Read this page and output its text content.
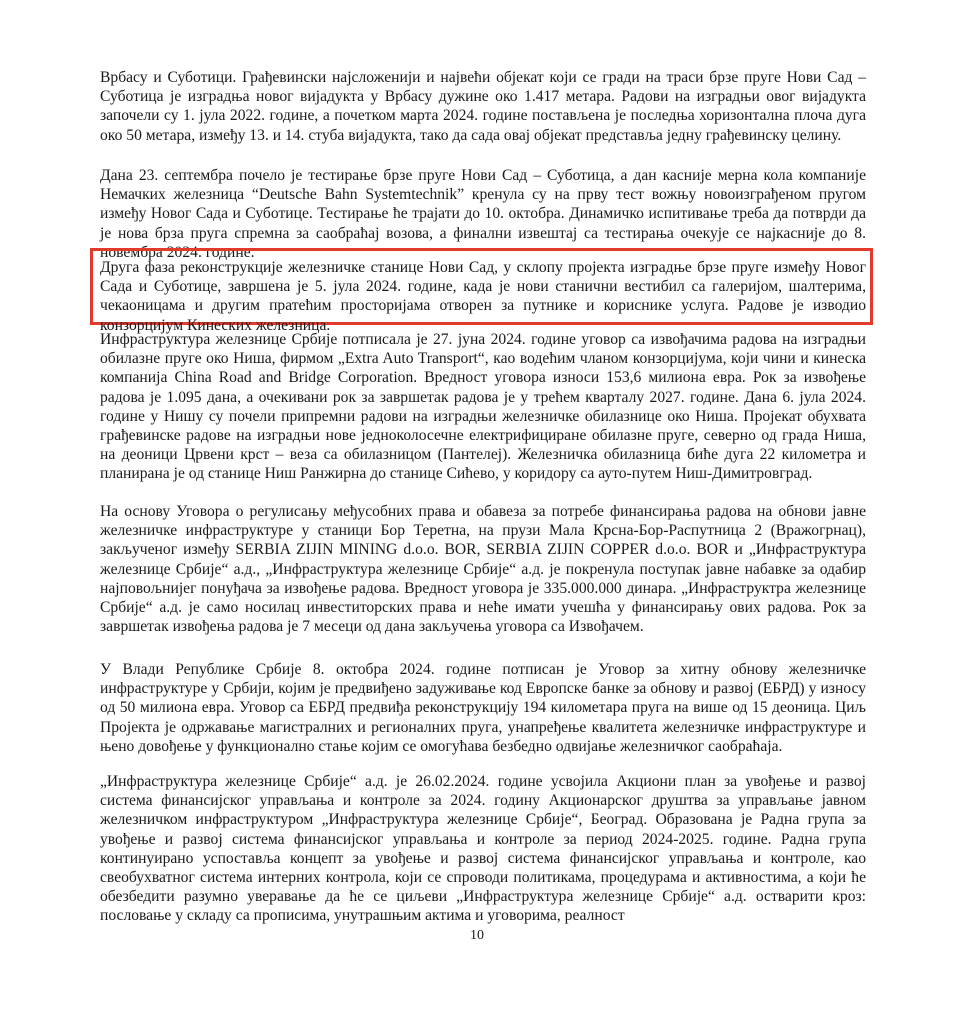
Врбасу и Суботици. Грађевински најсложенији и највећи објекат који се гради на траси брзе пруге Нови Сад – Суботица је изградња новог вијадукта у Врбасу дужине око 1.417 метара. Радови на изградњи овог вијадукта започели су 1. јула 2022. године, а почетком марта 2024. године постављена је последња хоризонтална плоча дуга око 50 метара, између 13. и 14. стуба вијадукта, тако да сада овај објекат представља једну грађевинску целину.

Дана 23. септембра почело је тестирање брзе пруге Нови Сад – Суботица, а дан касније мерна кола компаније Немачких железница “Deutsche Bahn Systemtechnik” кренула су на прву тест вожњу новоизграђеном пругом између Новог Сада и Суботице. Тестирање ће трајати до 10. октобра. Динамичко испитивање треба да потврди да је нова брза пруга спремна за саобраћај возова, а финални извештај са тестирања очекује се најкасније до 8. новембра 2024. године.

Друга фаза реконструкције железничке станице Нови Сад, у склопу пројекта изградње брзе пруге између Новог Сада и Суботице, завршена је 5. јула 2024. године, када је нови станични вестибил са галеријом, шалтерима, чекаоницама и другим пратећим просторијама отворен за путнике и кориснике услуга. Радове је изводио конзорцијум Кинеских железница.

Инфраструктура железнице Србије потписала је 27. јуна 2024. године уговор са извођачима радова на изградњи обилазне пруге око Ниша, фирмом „Extra Auto Transport“, као водећим чланом конзорцијума, који чини и кинеска компанија China Road and Bridge Corporation. Вредност уговора износи 153,6 милиона евра. Рок за извођење радова је 1.095 дана, а очекивани рок за завршетак радова је у трећем кварталу 2027. године. Дана 6. јула 2024. године у Нишу су почели припремни радови на изградњи железничке обилазнице око Ниша. Пројекат обухвата грађевинске радове на изградњи нове једноколосечне електрифициране обилазне пруге, северно од града Ниша, на деоници Црвени крст – веза са обилазницом (Пантелеј). Железничка обилазница биће дуга 22 километра и планирана је од станице Ниш Ранжирна до станице Сићево, у коридору са ауто-путем Ниш-Димитровград.

На основу Уговора о регулисању међусобних права и обавеза за потребе финансирања радова на обнови јавне железничке инфраструктуре у станици Бор Теретна, на прузи Мала Крсна-Бор-Распутница 2 (Вражогрнац), закљученог између SERBIA ZIJIN MINING d.o.o. BOR, SERBIA ZIJIN COPPER d.o.o. BOR и „Инфраструктура железнице Србије“ а.д., „Инфраструктура железнице Србије“ а.д. је покренула поступак јавне набавке за одабир најповољнијег понуђача за извођење радова. Вредност уговора је 335.000.000 динара. „Инфраструктра железнице Србије“ а.д. је само носилац инвеститорских права и неће имати учешћа у финансирању ових радова. Рок за завршетак извођења радова је 7 месеци од дана закључења уговора са Извођачем.

У Влади Републике Србије 8. октобра 2024. године потписан је Уговор за хитну обнову железничке инфраструктуре у Србији, којим је предвиђено задуживање код Европске банке за обнову и развој (ЕБРД) у износу од 50 милиона евра. Уговор са ЕБРД предвиђа реконструкцију 194 километара пруга на више од 15 деоница. Циљ Пројекта је одржавање магистралних и регионалних пруга, унапређење квалитета железничке инфраструктуре и њено довођење у функционално стање којим се омогућава безбедно одвијање железничког саобраћаја.

„Инфраструктура железнице Србије“ а.д. је 26.02.2024. године усвојила Акциони план за увођење и развој система финансијског управљања и контроле за 2024. годину Акционарског друштва за управљање јавном железничком инфраструктуром „Инфраструктура железнице Србије“, Београд. Образована је Радна група за увођење и развој система финансијског управљања и контроле за период 2024-2025. године. Радна група континуирано успоставља концепт за увођење и развој система финансијског управљања и контроле, као свеобухватног система интерних контрола, који се спроводи политикама, процедурама и активностима, а који ће обезбедити разумно уверавање да ће се циљеви „Инфраструктура железнице Србије“ а.д. остварити кроз: пословање у складу са прописима, унутрашњим актима и уговорима, реалност

10
